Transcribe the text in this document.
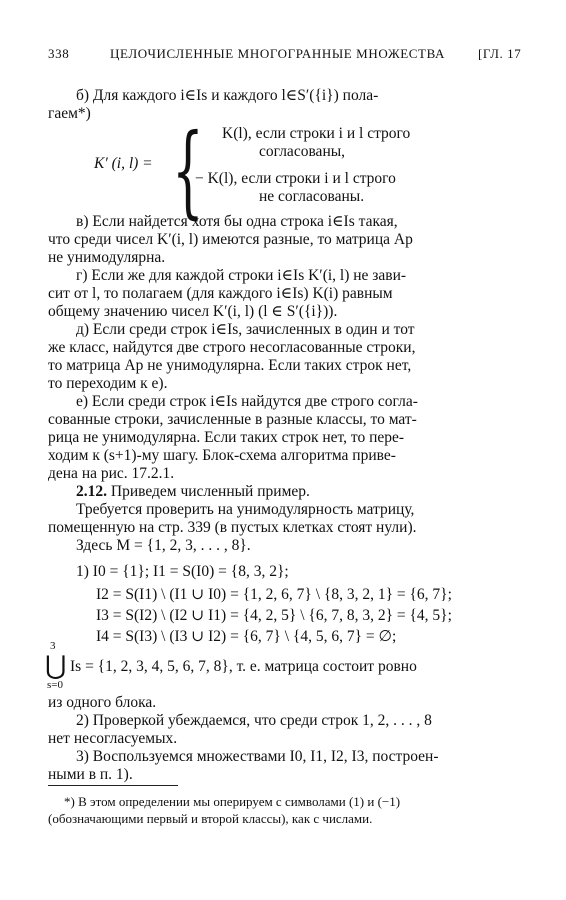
338	ЦЕЛОЧИСЛЕННЫЕ МНОГОГРАННЫЕ МНОЖЕСТВА	[ГЛ. 17
б) Для каждого i∈Is и каждого l∈S′({i}) пола-
гаем*)
K′ (i, l) = { K(l), если строки i и l строго
согласованы,
− K(l), если строки i и l строго
не согласованы.
в) Если найдется хотя бы одна строка i∈Is такая,
что среди чисел K′(i, l) имеются разные, то матрица Ap
не унимодулярна.
г) Если же для каждой строки i∈Is K′(i, l) не зави-
сит от l, то полагаем (для каждого i∈Is) K(i) равным
общему значению чисел K′(i, l) (l ∈ S′({i})).
д) Если среди строк i∈Is, зачисленных в один и тот
же класс, найдутся две строго несогласованные строки,
то матрица Ap не унимодулярна. Если таких строк нет,
то переходим к е).
е) Если среди строк i∈Is найдутся две строго согла-
сованные строки, зачисленные в разные классы, то мат-
рица не унимодулярна. Если таких строк нет, то пере-
ходим к (s+1)-му шагу. Блок-схема алгоритма приве-
дена на рис. 17.2.1.
2.12. Приведем численный пример.
Требуется проверить на унимодулярность матрицу,
помещенную на стр. 339 (в пустых клетках стоят нули).
Здесь M = {1, 2, 3, . . . , 8}.
1) I0 = {1}; I1 = S(I0) = {8, 3, 2};
I2 = S(I1) \ (I1 ∪ I0) = {1, 2, 6, 7} \ {8, 3, 2, 1} = {6, 7};
I3 = S(I2) \ (I2 ∪ I1) = {4, 2, 5} \ {6, 7, 8, 3, 2} = {4, 5};
I4 = S(I3) \ (I3 ∪ I2) = {6, 7} \ {4, 5, 6, 7} = ∅;
3
⋃
s=0
Is = {1, 2, 3, 4, 5, 6, 7, 8}, т. е. матрица состоит ровно
из одного блока.
2) Проверкой убеждаемся, что среди строк 1, 2, . . . , 8
нет несогласуемых.
3) Воспользуемся множествами I0, I1, I2, I3, построен-
ными в п. 1).
*) В этом определении мы оперируем с символами (1) и (−1)
(обозначающими первый и второй классы), как с числами.
